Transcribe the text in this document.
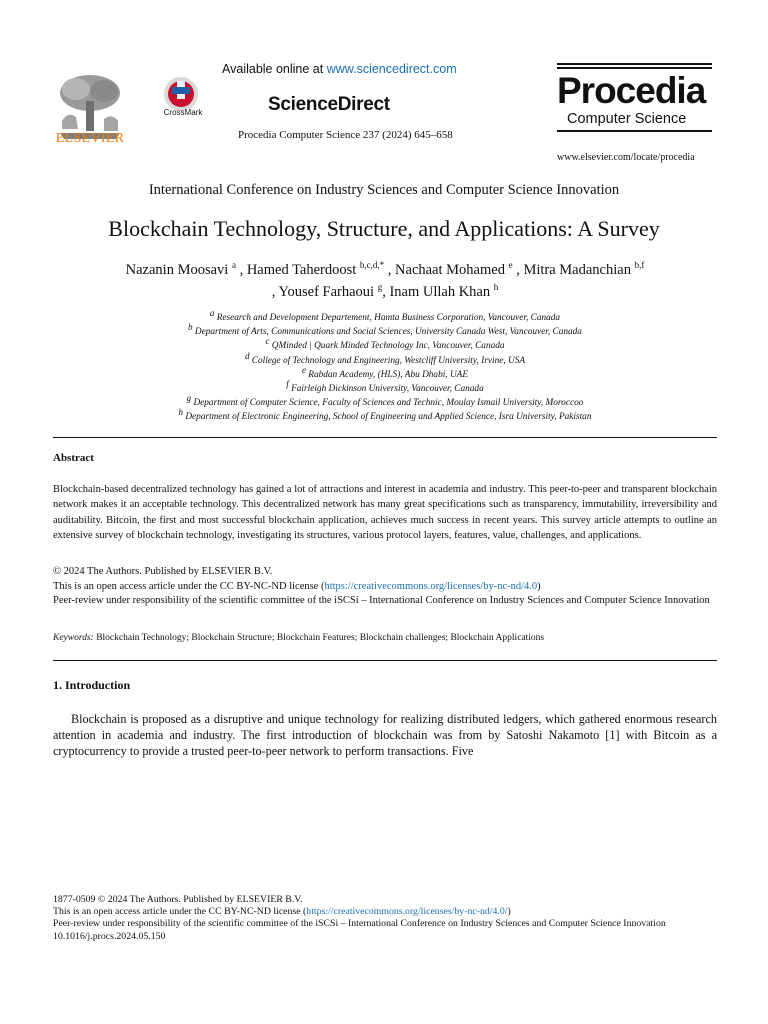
ELSEVIER
CrossMark
Available online at www.sciencedirect.com
ScienceDirect
Procedia Computer Science 237 (2024) 645–658
Procedia
Computer Science
www.elsevier.com/locate/procedia
International Conference on Industry Sciences and Computer Science Innovation
Blockchain Technology, Structure, and Applications: A Survey
Nazanin Moosavi $^a$ , Hamed Taherdoost $^{b,c,d,*}$ , Nachaat Mohamed $^e$ , Mitra Madanchian $^{b,f}$
, Yousef Farhaoui $^g$, Inam Ullah Khan $^h$
$^a$ Research and Development Departement, Hamta Business Corporation, Vancouver, Canada
$^b$ Department of Arts, Communications and Social Sciences, University Canada West, Vancouver, Canada
$^c$ QMinded | Quark Minded Technology Inc, Vancouver, Canada
$^d$ College of Technology and Engineering, Westcliff University, Irvine, USA
$^e$ Rabdan Academy, (HLS), Abu Dhabi, UAE
$^f$ Fairleigh Dickinson University, Vancouver, Canada
$^g$ Department of Computer Science, Faculty of Sciences and Technic, Moulay Ismail University, Moroccoo
$^h$ Department of Electronic Engineering, School of Engineering and Applied Science, Isra University, Pakistan
Abstract
Blockchain-based decentralized technology has gained a lot of attractions and interest in academia and industry. This peer-to-peer and transparent blockchain network makes it an acceptable technology. This decentralized network has many great specifications such as transparency, immutability, irreversibility and auditability. Bitcoin, the first and most successful blockchain application, achieves much success in recent years. This survey article attempts to outline an extensive survey of blockchain technology, investigating its structures, various protocol layers, features, value, challenges, and applications.
© 2024 The Authors. Published by ELSEVIER B.V.
This is an open access article under the CC BY-NC-ND license (https://creativecommons.org/licenses/by-nc-nd/4.0)
Peer-review under responsibility of the scientific committee of the iSCSi – International Conference on Industry Sciences and Computer Science Innovation
Keywords: Blockchain Technology; Blockchain Structure; Blockchain Features; Blockchain challenges; Blockchain Applications
1. Introduction
Blockchain is proposed as a disruptive and unique technology for realizing distributed ledgers, which gathered enormous research attention in academia and industry. The first introduction of blockchain was from by Satoshi Nakamoto [1] with Bitcoin as a cryptocurrency to provide a trusted peer-to-peer network to perform transactions. Five
1877-0509 © 2024 The Authors. Published by ELSEVIER B.V.
This is an open access article under the CC BY-NC-ND license (https://creativecommons.org/licenses/by-nc-nd/4.0/)
Peer-review under responsibility of the scientific committee of the iSCSi – International Conference on Industry Sciences and Computer Science Innovation
10.1016/j.procs.2024.05.150
